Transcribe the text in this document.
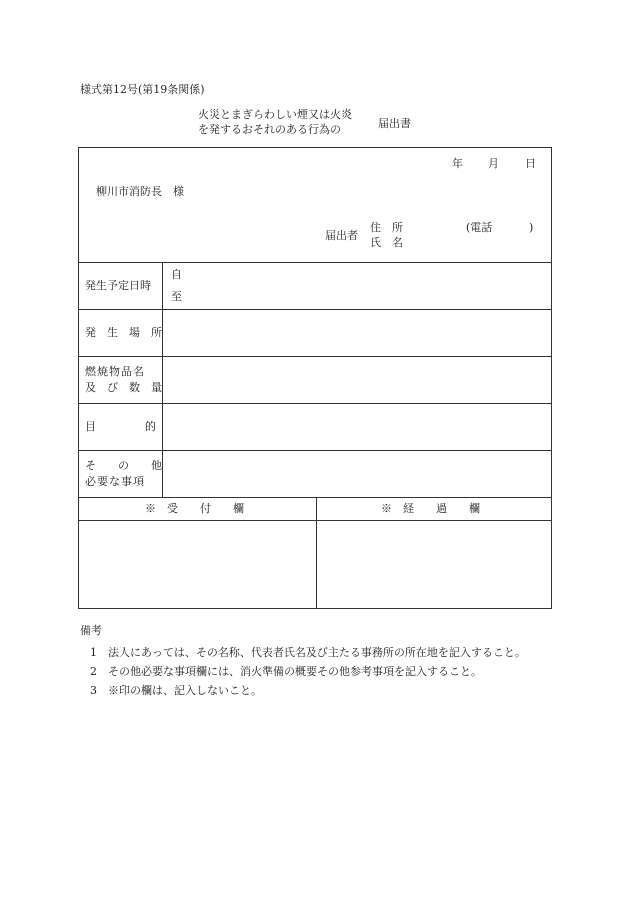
様式第12号(第19条関係)
火災とまぎらわしい煙又は火炎
を発するおそれのある行為の	届出書
年 月 日
柳川市消防長　様
届出者
住　所
氏　名
(電話	)
発生予定日時
自
至
発　生　場　所
燃焼物品名
及　び　数　量
目	的
そ　　の　　他
必要な事項
※　受　　付　　欄	※　経　　過　　欄
備考
1　法人にあっては、その名称、代表者氏名及び主たる事務所の所在地を記入すること。
2　その他必要な事項欄には、消火準備の概要その他参考事項を記入すること。
3　※印の欄は、記入しないこと。
